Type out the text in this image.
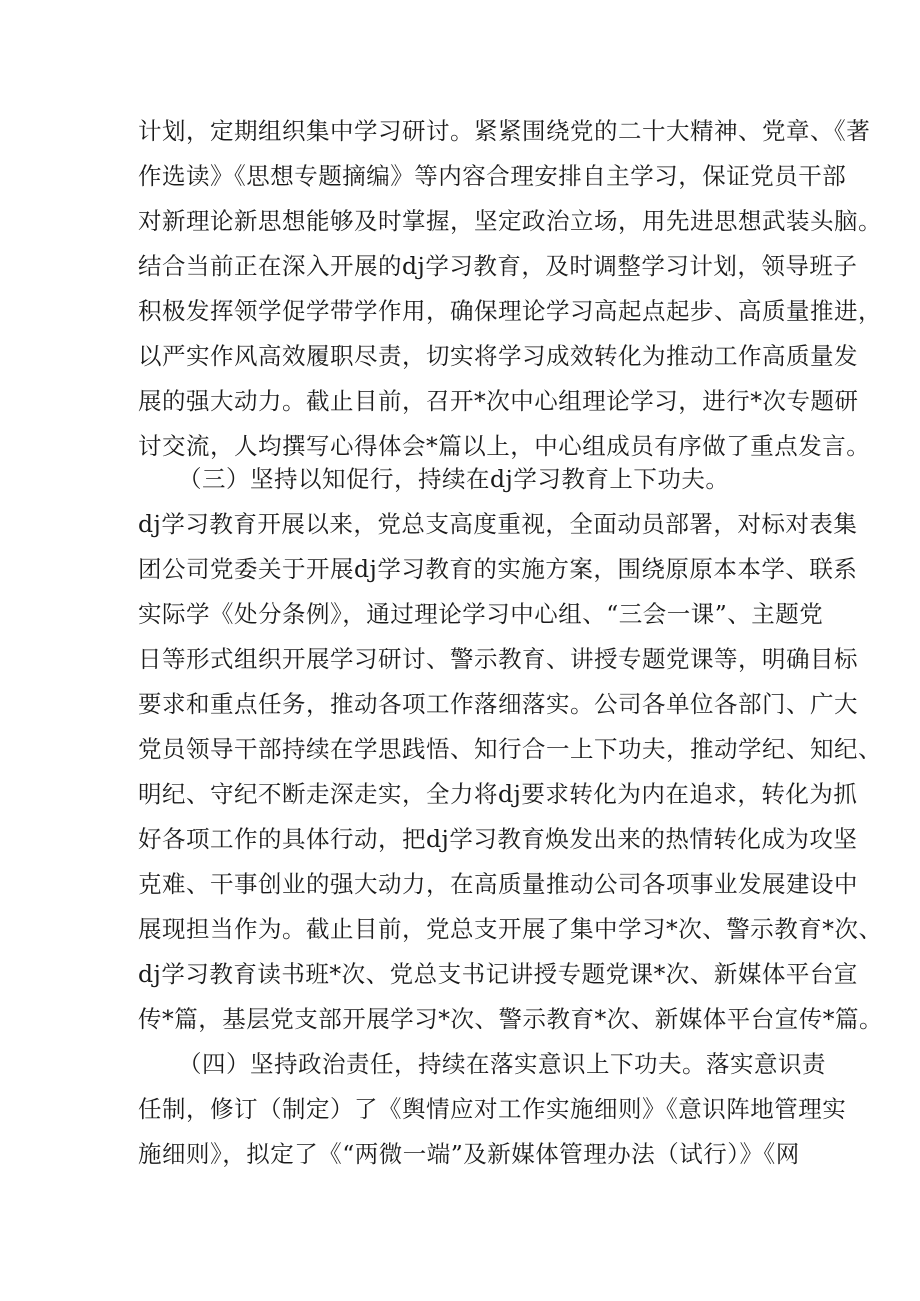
计划，定期组织集中学习研讨。紧紧围绕党的二十大精神、党章、《著
作选读》《思想专题摘编》等内容合理安排自主学习，保证党员干部
对新理论新思想能够及时掌握，坚定政治立场，用先进思想武装头脑。
结合当前正在深入开展的dj学习教育，及时调整学习计划，领导班子
积极发挥领学促学带学作用，确保理论学习高起点起步、高质量推进，
以严实作风高效履职尽责，切实将学习成效转化为推动工作高质量发
展的强大动力。截止目前，召开*次中心组理论学习，进行*次专题研
讨交流，人均撰写心得体会*篇以上，中心组成员有序做了重点发言。
（三）坚持以知促行，持续在dj学习教育上下功夫。
dj学习教育开展以来，党总支高度重视，全面动员部署，对标对表集
团公司党委关于开展dj学习教育的实施方案，围绕原原本本学、联系
实际学《处分条例》，通过理论学习中心组、“三会一课”、主题党
日等形式组织开展学习研讨、警示教育、讲授专题党课等，明确目标
要求和重点任务，推动各项工作落细落实。公司各单位各部门、广大
党员领导干部持续在学思践悟、知行合一上下功夫，推动学纪、知纪、
明纪、守纪不断走深走实，全力将dj要求转化为内在追求，转化为抓
好各项工作的具体行动，把dj学习教育焕发出来的热情转化成为攻坚
克难、干事创业的强大动力，在高质量推动公司各项事业发展建设中
展现担当作为。截止目前，党总支开展了集中学习*次、警示教育*次、
dj学习教育读书班*次、党总支书记讲授专题党课*次、新媒体平台宣
传*篇，基层党支部开展学习*次、警示教育*次、新媒体平台宣传*篇。
（四）坚持政治责任，持续在落实意识上下功夫。落实意识责
任制，修订（制定）了《舆情应对工作实施细则》《意识阵地管理实
施细则》，拟定了《“两微一端”及新媒体管理办法（试行）》《网
